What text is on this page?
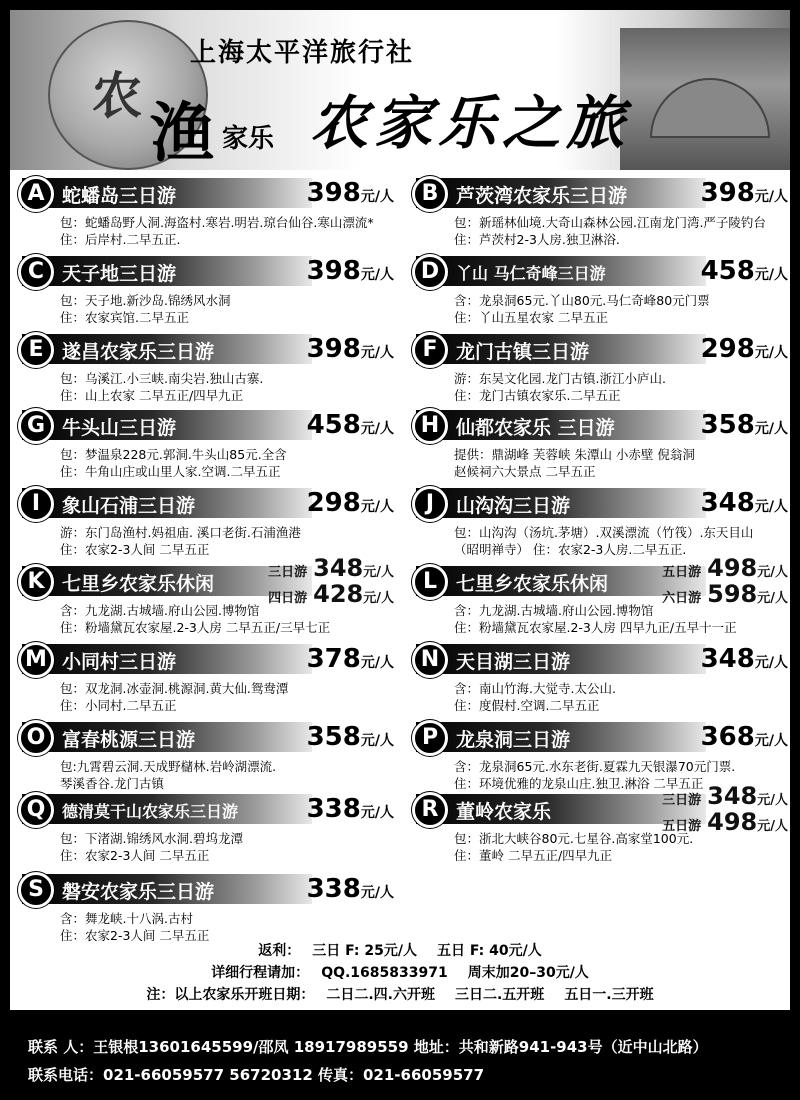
农
上海太平洋旅行社
渔 家乐 农家乐之旅
A 蛇蟠岛三日游	398元/人
包：蛇蟠岛野人洞.海盗村.寒岩.明岩.琼台仙谷.寒山漂流*
住：后岸村.二早五正.
B 芦茨湾农家乐三日游	398元/人
包：新瑶林仙境.大奇山森林公园.江南龙门湾.严子陵钓台
住：芦茨村2-3人房.独卫淋浴.
C 天子地三日游	398元/人
包：天子地.新沙岛.锦绣风水洞
住：农家宾馆.二早五正
D	丫山 马仁奇峰三日游	458元/人
含：龙泉洞65元.丫山80元.马仁奇峰80元门票
住：丫山五星农家 二早五正
E 遂昌农家乐三日游	398元/人
包：乌溪江.小三峡.南尖岩.独山古寨.
住：山上农家 二早五正/四早九正
F 龙门古镇三日游	298元/人
游：东吴文化园.龙门古镇.浙江小庐山.
住：龙门古镇农家乐.二早五正
G 牛头山三日游	458元/人
包：梦温泉228元.郭洞.牛头山85元.全含
住：牛角山庄或山里人家.空调.二早五正
H 仙都农家乐 三日游	358元/人
提供：鼎湖峰 芙蓉峡 朱潭山 小赤壁 倪翁洞
赵候祠六大景点 二早五正
I	象山石浦三日游	298元/人
游：东门岛渔村.妈祖庙. 溪口老街.石浦渔港
住：农家2-3人间 二早五正
J	山沟沟三日游	348元/人
包：山沟沟（汤坑.茅塘）.双溪漂流（竹筏）.东天目山
（昭明禅寺） 住：农家2-3人房.二早五正.
K 七里乡农家乐休闲
三日游 348元/人
四日游 428元/人
含：九龙湖.古城墙.府山公园.博物馆
住：粉墙黛瓦农家屋.2-3人房 二早五正/三早七正
L 七里乡农家乐休闲
五日游 498元/人
六日游 598元/人
含：九龙湖.古城墙.府山公园.博物馆
住：粉墙黛瓦农家屋.2-3人房 四早九正/五早十一正
M 小同村三日游	378元/人
包：双龙洞.冰壶洞.桃源洞.黄大仙.鸳鸯潭
住：小同村.二早五正
N 天目湖三日游	348元/人
含：南山竹海.大觉寺.太公山.
住：度假村.空调.二早五正
O 富春桃源三日游	358元/人
包:九霄碧云洞.天成野櫧林.岩岭湖漂流.
琴溪香谷.龙门古镇
P 龙泉洞三日游	368元/人
含：龙泉洞65元.水东老街.夏霖九天银瀑70元门票.
住：环境优雅的龙泉山庄.独卫.淋浴 二早五正
Q	德清莫干山农家乐三日游	338元/人
包：下渚湖.锦绣风水洞.碧坞龙潭
住：农家2-3人间 二早五正
R 董岭农家乐
三日游 348元/人
五日游 498元/人
包：浙北大峡谷80元.七星谷.高家堂100元.
住：董岭 二早五正/四早九正
S 磐安农家乐三日游	338元/人
含：舞龙峡.十八涡.古村
住：农家2-3人间 二早五正
返利： 三日 F: 25元/人 五日 F: 40元/人
详细行程请加： QQ.1685833971 周末加20–30元/人
注：以上农家乐开班日期： 二日二.四.六开班 三日二.五开班 五日一.三开班
联系 人：王银根13601645599/邵凤 18917989559 地址：共和新路941-943号（近中山北路）
联系电话：021-66059577 56720312 传真：021-66059577
